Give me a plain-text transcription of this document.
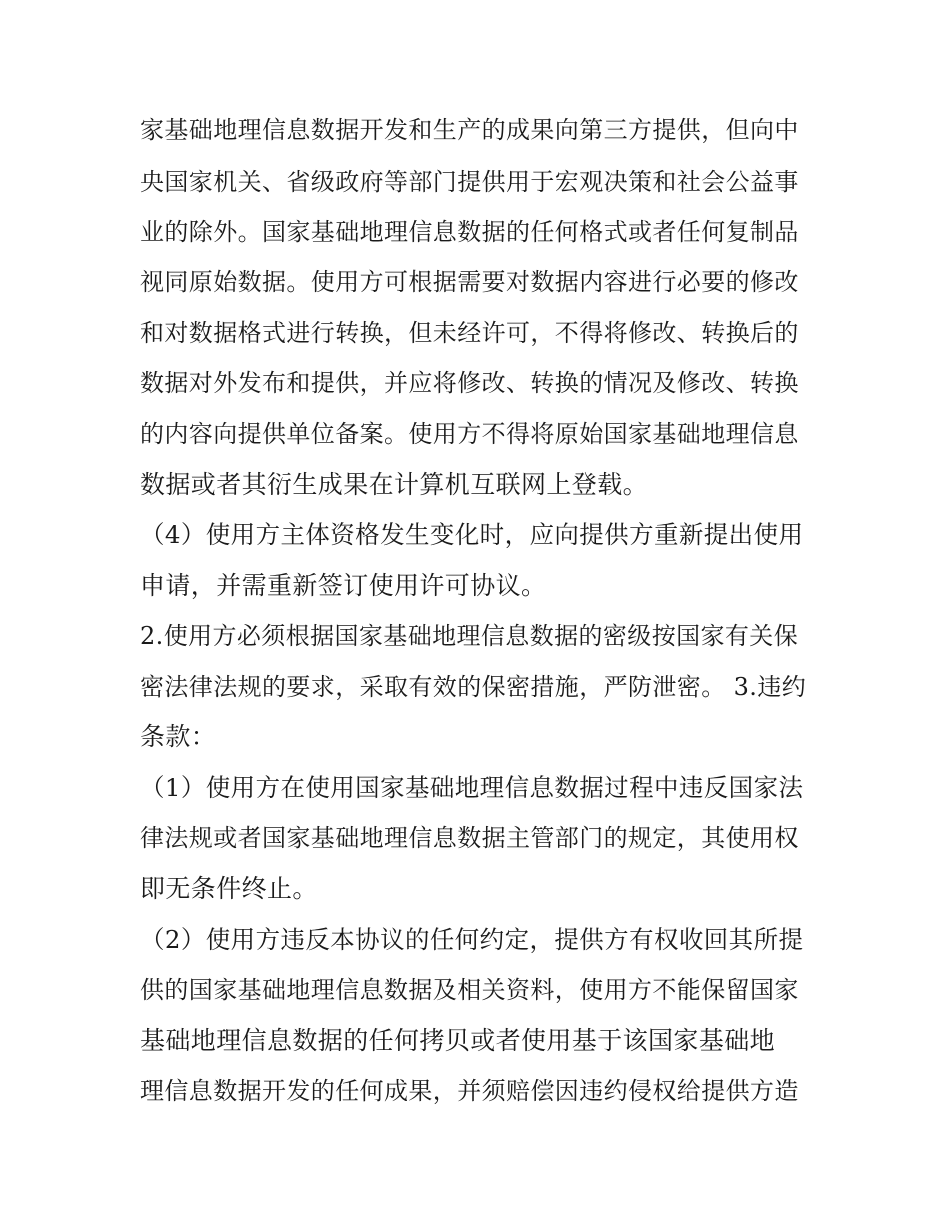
家基础地理信息数据开发和生产的成果向第三方提供，但向中
央国家机关、省级政府等部门提供用于宏观决策和社会公益事
业的除外。国家基础地理信息数据的任何格式或者任何复制品
视同原始数据。使用方可根据需要对数据内容进行必要的修改
和对数据格式进行转换，但未经许可，不得将修改、转换后的
数据对外发布和提供，并应将修改、转换的情况及修改、转换
的内容向提供单位备案。使用方不得将原始国家基础地理信息
数据或者其衍生成果在计算机互联网上登载。
（4）使用方主体资格发生变化时，应向提供方重新提出使用
申请，并需重新签订使用许可协议。
2.使用方必须根据国家基础地理信息数据的密级按国家有关保
密法律法规的要求，采取有效的保密措施，严防泄密。 3.违约
条款：
（1）使用方在使用国家基础地理信息数据过程中违反国家法
律法规或者国家基础地理信息数据主管部门的规定，其使用权
即无条件终止。
（2）使用方违反本协议的任何约定，提供方有权收回其所提
供的国家基础地理信息数据及相关资料，使用方不能保留国家
基础地理信息数据的任何拷贝或者使用基于该国家基础地
理信息数据开发的任何成果，并须赔偿因违约侵权给提供方造
